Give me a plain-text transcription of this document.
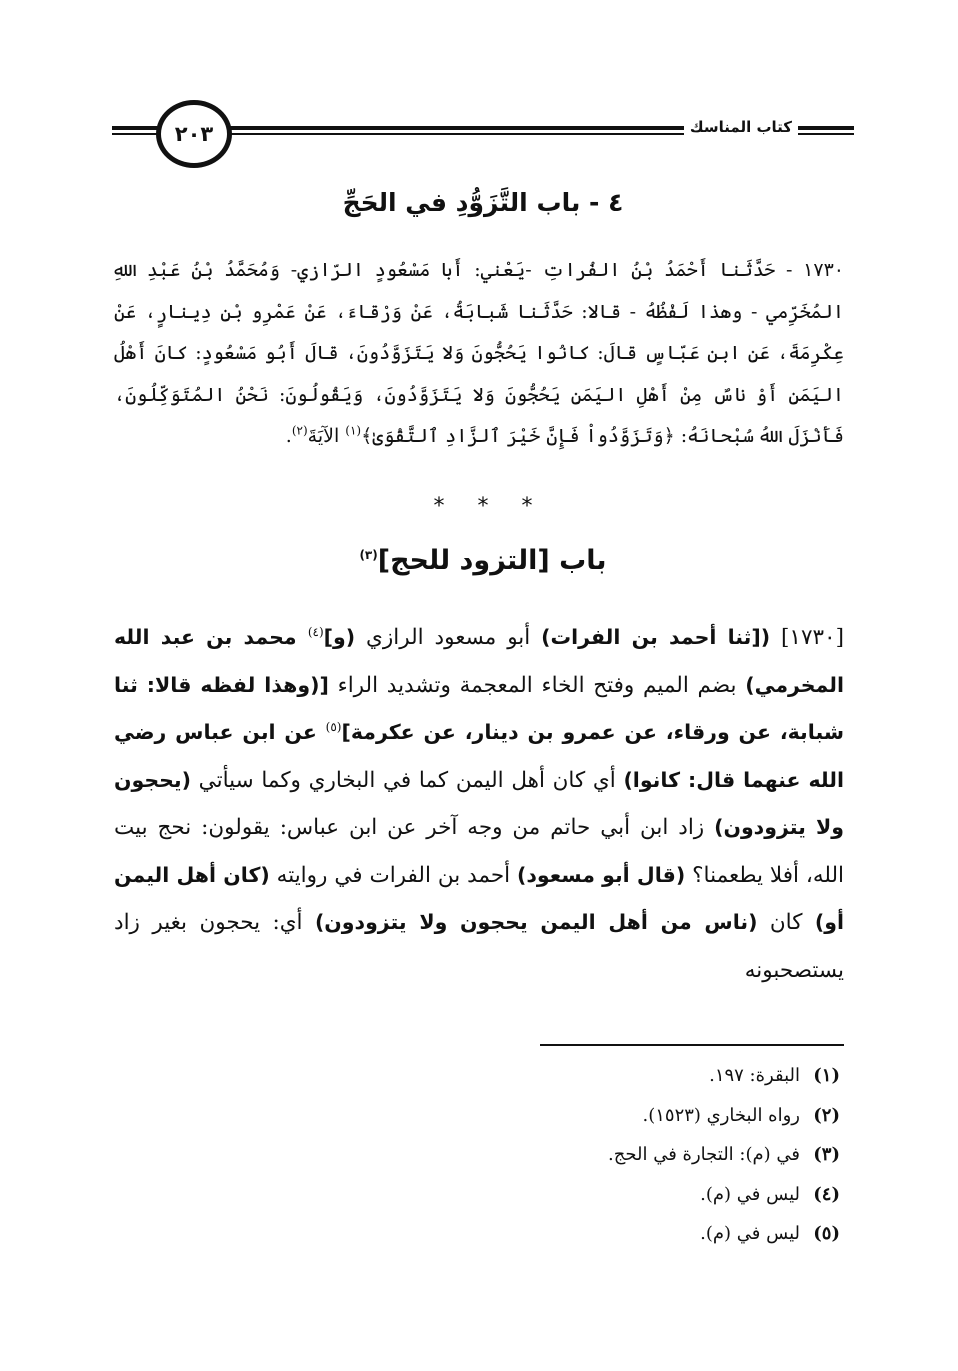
٢٠٣	كتاب المناسك
٤ - باب التَّزَوُّدِ في الحَجِّ
١٧٣٠ - حَدَّثَنا أَحْمَدُ بْنُ الفُراتِ -يَعْني: أَبا مَسْعُودٍ الرّازي- وَمُحَمَّدُ بْنُ عَبْدِ اللهِ المُخَرِّمي - وهذا لَفْظُهُ - قالا: حَدَّثَنا شَبابَةُ، عَنْ وَرْقاءَ، عَنْ عَمْرِو بْنِ دِينارٍ، عَنْ عِكْرِمَةَ، عَنِ ابن عَبّاسٍ قالَ: كانُوا يَحُجُّونَ وَلا يَتَزَوَّدُونَ، قالَ أَبُو مَسْعُودٍ: كانَ أَهْلُ اليَمَنِ أَوْ ناسٌ مِنْ أَهْلِ اليَمَنِ يَحُجُّونَ وَلا يَتَزَوَّدُونَ، وَيَقُولُونَ: نَحْنُ المُتَوَكِّلُونَ، فَأَنْزَلَ اللهُ سُبْحانَهُ: ﴿وَتَزَوَّدُواْ فَإِنَّ خَيْرَ ٱلزَّادِ ٱلتَّقْوَىٰ﴾$^{(١)}$ الآيَةَ$^{(٢)}$.
* * *
باب [التزود للحج]$^{(٣)}$
[١٧٣٠] ([ثنا أحمد بن الفرات) أبو مسعود الرازي (و]$^{(٤)}$ محمد بن عبد الله المخرمي) بضم الميم وفتح الخاء المعجمة وتشديد الراء [(وهذا لفظه قالا: ثنا شبابة، عن ورقاء، عن عمرو بن دينار، عن عكرمة]$^{(٥)}$ عن ابن عباس رضي الله عنهما قال: كانوا) أي كان أهل اليمن كما في البخاري وكما سيأتي (يحجون ولا يتزودون) زاد ابن أبي حاتم من وجه آخر عن ابن عباس: يقولون: نحج بيت الله، أفلا يطعمنا؟ (قال أبو مسعود) أحمد بن الفرات في روايته (كان أهل اليمن أو) كان (ناس من أهل اليمن يحجون ولا يتزودون) أي: يحجون بغير زاد يستصحبونه
(١)البقرة: ١٩٧.
(٢)رواه البخاري (١٥٢٣).
(٣)في (م): التجارة في الحج.
(٤)ليس في (م).
(٥)ليس في (م).
